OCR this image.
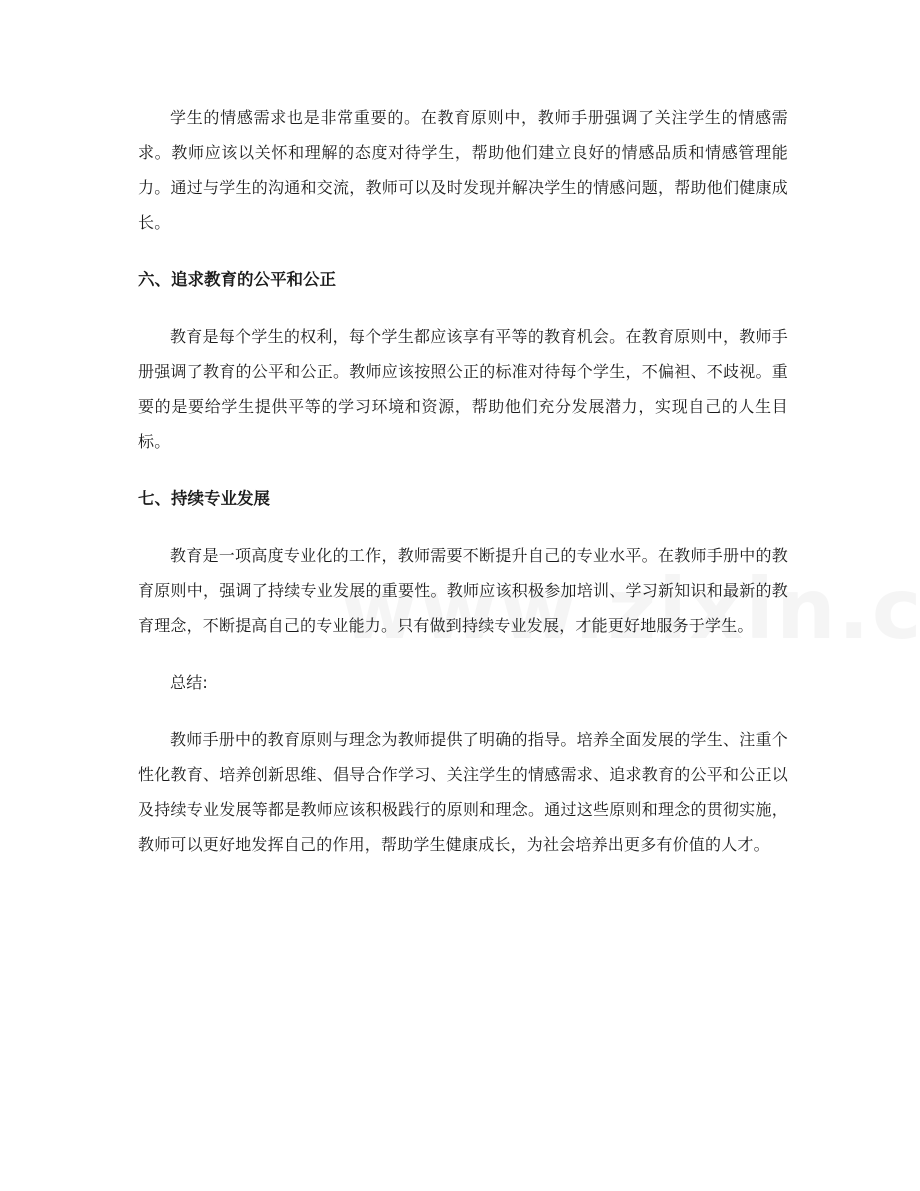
学生的情感需求也是非常重要的。在教育原则中，教师手册强调了关注学生的情感需求。教师应该以关怀和理解的态度对待学生，帮助他们建立良好的情感品质和情感管理能力。通过与学生的沟通和交流，教师可以及时发现并解决学生的情感问题，帮助他们健康成长。

六、追求教育的公平和公正

教育是每个学生的权利，每个学生都应该享有平等的教育机会。在教育原则中，教师手册强调了教育的公平和公正。教师应该按照公正的标准对待每个学生，不偏袒、不歧视。重要的是要给学生提供平等的学习环境和资源，帮助他们充分发展潜力，实现自己的人生目标。

七、持续专业发展

教育是一项高度专业化的工作，教师需要不断提升自己的专业水平。在教师手册中的教育原则中，强调了持续专业发展的重要性。教师应该积极参加培训、学习新知识和最新的教育理念，不断提高自己的专业能力。只有做到持续专业发展，才能更好地服务于学生。

总结:

教师手册中的教育原则与理念为教师提供了明确的指导。培养全面发展的学生、注重个性化教育、培养创新思维、倡导合作学习、关注学生的情感需求、追求教育的公平和公正以及持续专业发展等都是教师应该积极践行的原则和理念。通过这些原则和理念的贯彻实施，教师可以更好地发挥自己的作用，帮助学生健康成长，为社会培养出更多有价值的人才。
